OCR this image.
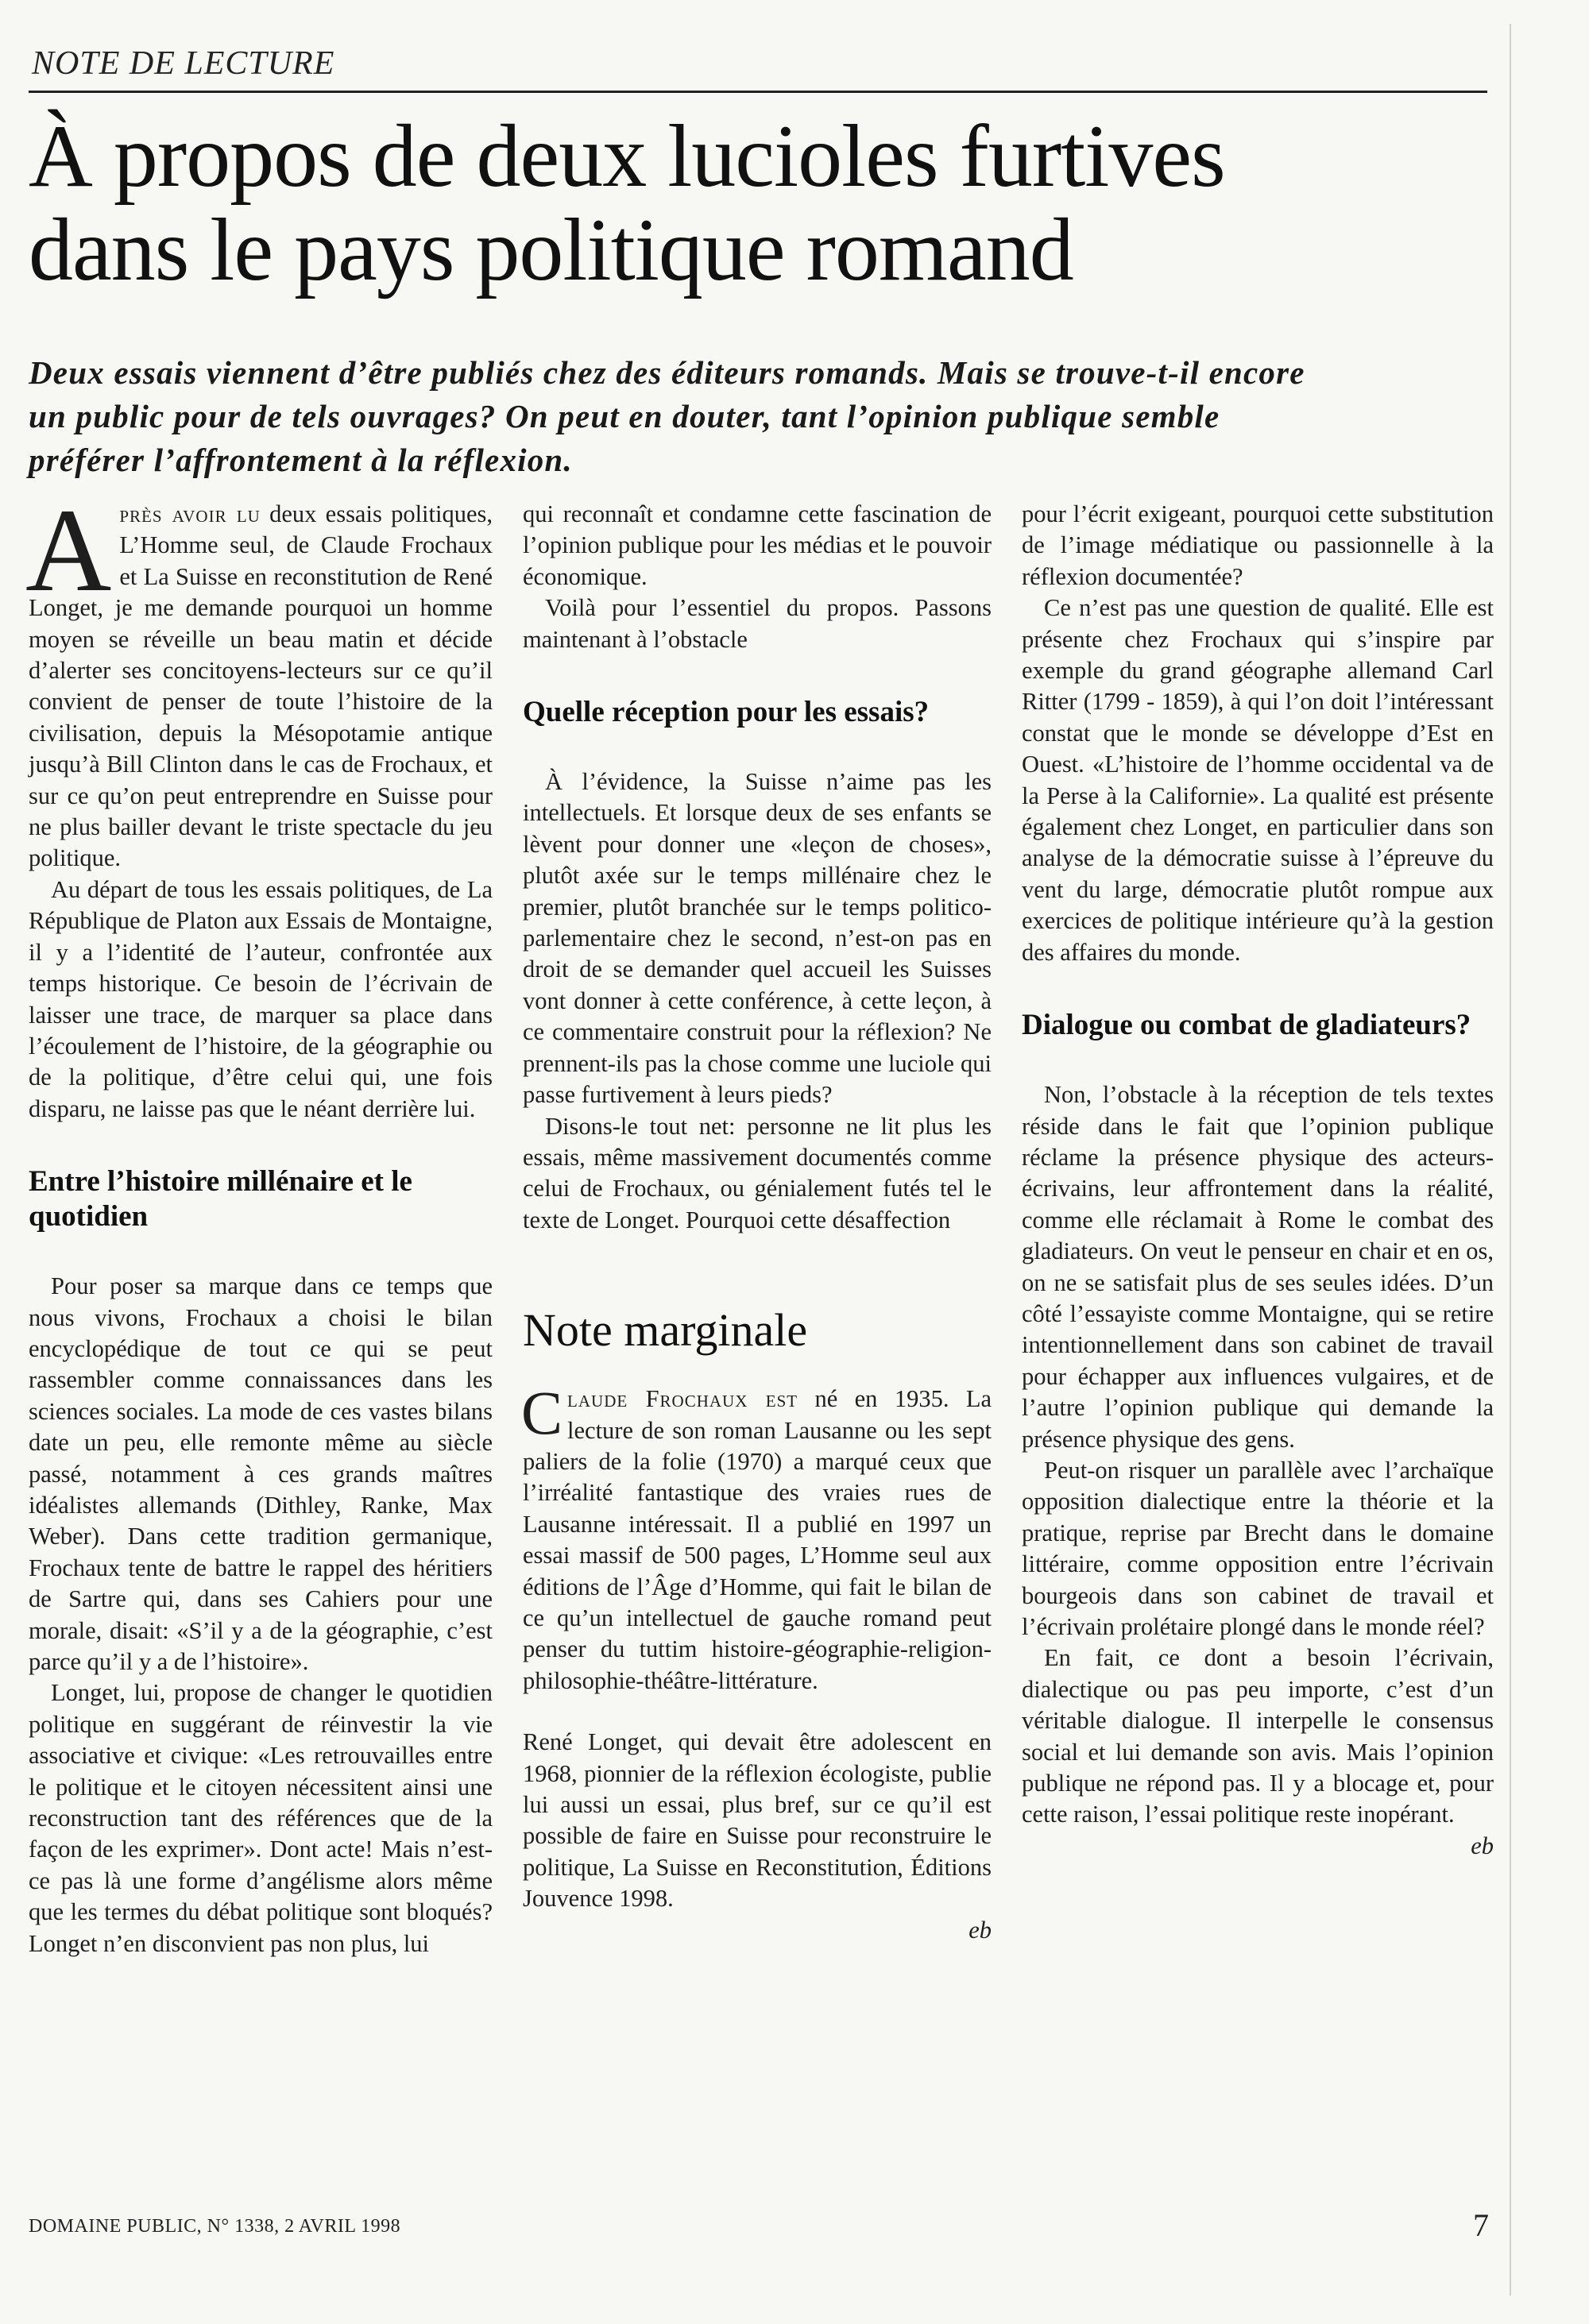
NOTE DE LECTURE
À propos de deux lucioles furtives
dans le pays politique romand
Deux essais viennent d’être publiés chez des éditeurs romands. Mais se trouve-t-il encore un public pour de tels ouvrages? On peut en douter, tant l’opinion publique semble préférer l’affrontement à la réflexion.

Après avoir lu deux essais politiques, L’Homme seul, de Claude Frochaux et La Suisse en reconstitution de René Longet, je me demande pourquoi un homme moyen se réveille un beau matin et décide d’alerter ses concitoyens-lecteurs sur ce qu’il convient de penser de toute l’histoire de la civilisation, depuis la Mésopotamie antique jusqu’à Bill Clinton dans le cas de Frochaux, et sur ce qu’on peut entreprendre en Suisse pour ne plus bailler devant le triste spectacle du jeu politique.

Au départ de tous les essais politiques, de La République de Platon aux Essais de Montaigne, il y a l’identité de l’auteur, confrontée aux temps historique. Ce besoin de l’écrivain de laisser une trace, de marquer sa place dans l’écoulement de l’histoire, de la géographie ou de la politique, d’être celui qui, une fois disparu, ne laisse pas que le néant derrière lui.

Entre l’histoire millénaire et le quotidien

Pour poser sa marque dans ce temps que nous vivons, Frochaux a choisi le bilan encyclopédique de tout ce qui se peut rassembler comme connaissances dans les sciences sociales. La mode de ces vastes bilans date un peu, elle remonte même au siècle passé, notamment à ces grands maîtres idéalistes allemands (Dithley, Ranke, Max Weber). Dans cette tradition germanique, Frochaux tente de battre le rappel des héritiers de Sartre qui, dans ses Cahiers pour une morale, disait: «S’il y a de la géographie, c’est parce qu’il y a de l’histoire».

Longet, lui, propose de changer le quotidien politique en suggérant de réinvestir la vie associative et civique: «Les retrouvailles entre le politique et le citoyen nécessitent ainsi une reconstruction tant des références que de la façon de les exprimer». Dont acte! Mais n’est-ce pas là une forme d’angélisme alors même que les termes du débat politique sont bloqués? Longet n’en disconvient pas non plus, lui

qui reconnaît et condamne cette fascination de l’opinion publique pour les médias et le pouvoir économique.

Voilà pour l’essentiel du propos. Passons maintenant à l’obstacle

Quelle réception pour les essais?

À l’évidence, la Suisse n’aime pas les intellectuels. Et lorsque deux de ses enfants se lèvent pour donner une «leçon de choses», plutôt axée sur le temps millénaire chez le premier, plutôt branchée sur le temps politico-parlementaire chez le second, n’est-on pas en droit de se demander quel accueil les Suisses vont donner à cette conférence, à cette leçon, à ce commentaire construit pour la réflexion? Ne prennent-ils pas la chose comme une luciole qui passe furtivement à leurs pieds?

Disons-le tout net: personne ne lit plus les essais, même massivement documentés comme celui de Frochaux, ou génialement futés tel le texte de Longet. Pourquoi cette désaffection

Note marginale

Claude Frochaux est né en 1935. La lecture de son roman Lausanne ou les sept paliers de la folie (1970) a marqué ceux que l’irréalité fantastique des vraies rues de Lausanne intéressait. Il a publié en 1997 un essai massif de 500 pages, L’Homme seul aux éditions de l’Âge d’Homme, qui fait le bilan de ce qu’un intellectuel de gauche romand peut penser du tuttim histoire-géographie-religion-philosophie-théâtre-littérature.

René Longet, qui devait être adolescent en 1968, pionnier de la réflexion écologiste, publie lui aussi un essai, plus bref, sur ce qu’il est possible de faire en Suisse pour reconstruire le politique, La Suisse en Reconstitution, Éditions Jouvence 1998.

eb

pour l’écrit exigeant, pourquoi cette substitution de l’image médiatique ou passionnelle à la réflexion documentée?

Ce n’est pas une question de qualité. Elle est présente chez Frochaux qui s’inspire par exemple du grand géographe allemand Carl Ritter (1799 - 1859), à qui l’on doit l’intéressant constat que le monde se développe d’Est en Ouest. «L’histoire de l’homme occidental va de la Perse à la Californie». La qualité est présente également chez Longet, en particulier dans son analyse de la démocratie suisse à l’épreuve du vent du large, démocratie plutôt rompue aux exercices de politique intérieure qu’à la gestion des affaires du monde.

Dialogue ou combat de gladiateurs?

Non, l’obstacle à la réception de tels textes réside dans le fait que l’opinion publique réclame la présence physique des acteurs-écrivains, leur affrontement dans la réalité, comme elle réclamait à Rome le combat des gladiateurs. On veut le penseur en chair et en os, on ne se satisfait plus de ses seules idées. D’un côté l’essayiste comme Montaigne, qui se retire intentionnellement dans son cabinet de travail pour échapper aux influences vulgaires, et de l’autre l’opinion publique qui demande la présence physique des gens.

Peut-on risquer un parallèle avec l’archaïque opposition dialectique entre la théorie et la pratique, reprise par Brecht dans le domaine littéraire, comme opposition entre l’écrivain bourgeois dans son cabinet de travail et l’écrivain prolétaire plongé dans le monde réel?

En fait, ce dont a besoin l’écrivain, dialectique ou pas peu importe, c’est d’un véritable dialogue. Il interpelle le consensus social et lui demande son avis. Mais l’opinion publique ne répond pas. Il y a blocage et, pour cette raison, l’essai politique reste inopérant.

eb
DOMAINE PUBLIC, N° 1338, 2 AVRIL 1998	7
